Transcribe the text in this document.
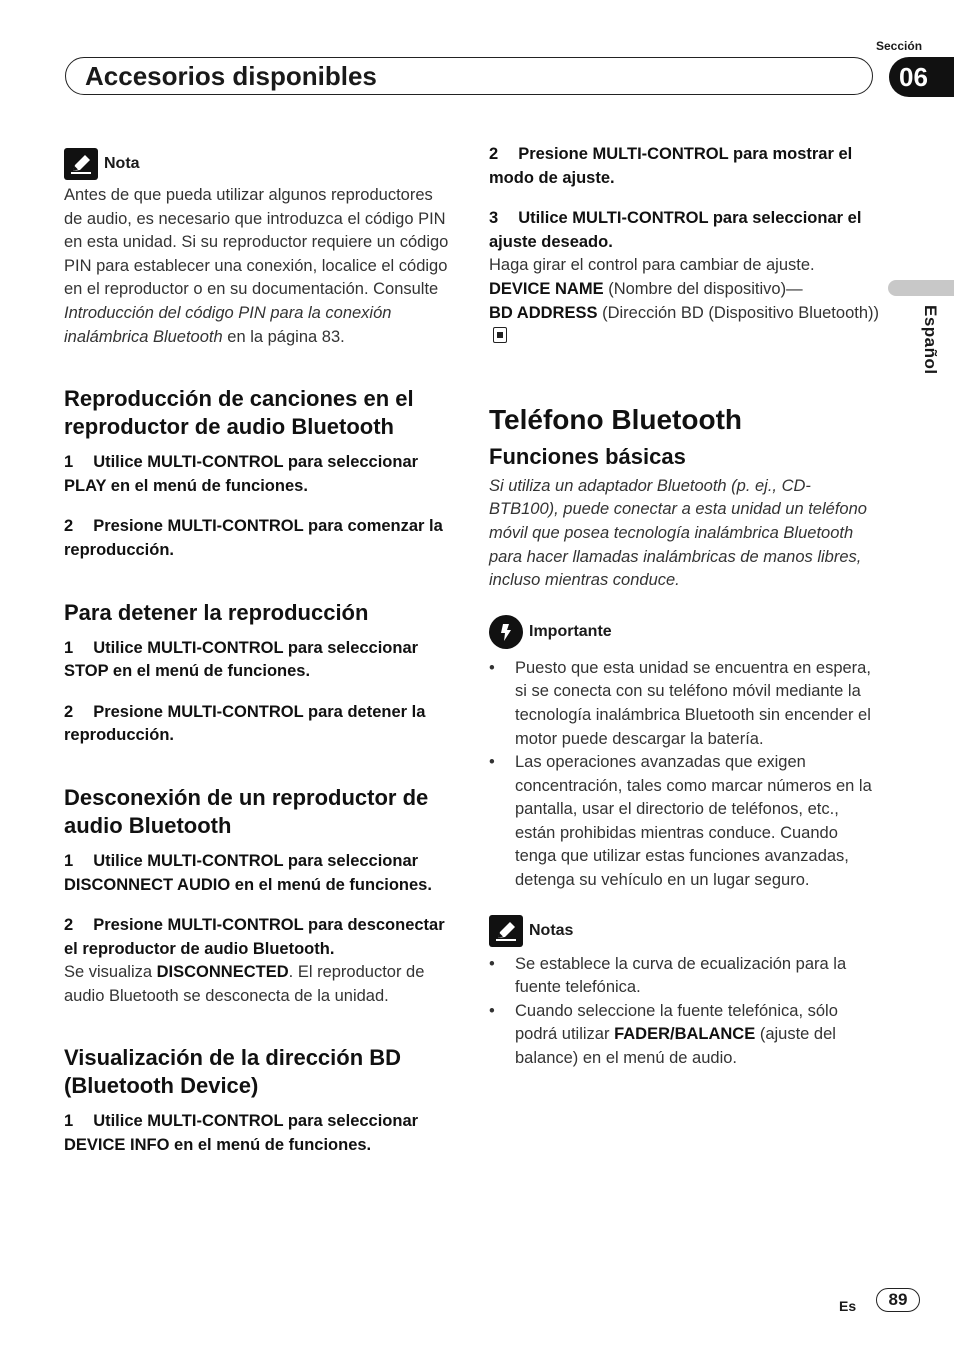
Accesorios disponibles
Sección
06
Español
Nota
Antes de que pueda utilizar algunos reproductores de audio, es necesario que introduzca el código PIN en esta unidad. Si su reproductor requiere un código PIN para establecer una conexión, localice el código en el reproductor o en su documentación. Consulte Introducción del código PIN para la conexión inalámbrica Bluetooth en la página 83.
Reproducción de canciones en el reproductor de audio Bluetooth
1 Utilice MULTI-CONTROL para seleccionar PLAY en el menú de funciones.
2 Presione MULTI-CONTROL para comenzar la reproducción.
Para detener la reproducción
1 Utilice MULTI-CONTROL para seleccionar STOP en el menú de funciones.
2 Presione MULTI-CONTROL para detener la reproducción.
Desconexión de un reproductor de audio Bluetooth
1 Utilice MULTI-CONTROL para seleccionar DISCONNECT AUDIO en el menú de funciones.
2 Presione MULTI-CONTROL para desconectar el reproductor de audio Bluetooth.
Se visualiza DISCONNECTED. El reproductor de audio Bluetooth se desconecta de la unidad.
Visualización de la dirección BD (Bluetooth Device)
1 Utilice MULTI-CONTROL para seleccionar DEVICE INFO en el menú de funciones.
2 Presione MULTI-CONTROL para mostrar el modo de ajuste.
3 Utilice MULTI-CONTROL para seleccionar el ajuste deseado.
Haga girar el control para cambiar de ajuste.
DEVICE NAME (Nombre del dispositivo)—
BD ADDRESS (Dirección BD (Dispositivo Bluetooth))
Teléfono Bluetooth
Funciones básicas
Si utiliza un adaptador Bluetooth (p. ej., CD-BTB100), puede conectar a esta unidad un teléfono móvil que posea tecnología inalámbrica Bluetooth para hacer llamadas inalámbricas de manos libres, incluso mientras conduce.
Importante
• Puesto que esta unidad se encuentra en espera, si se conecta con su teléfono móvil mediante la tecnología inalámbrica Bluetooth sin encender el motor puede descargar la batería.
• Las operaciones avanzadas que exigen concentración, tales como marcar números en la pantalla, usar el directorio de teléfonos, etc., están prohibidas mientras conduce. Cuando tenga que utilizar estas funciones avanzadas, detenga su vehículo en un lugar seguro.
Notas
• Se establece la curva de ecualización para la fuente telefónica.
• Cuando seleccione la fuente telefónica, sólo podrá utilizar FADER/BALANCE (ajuste del balance) en el menú de audio.
Es 89
